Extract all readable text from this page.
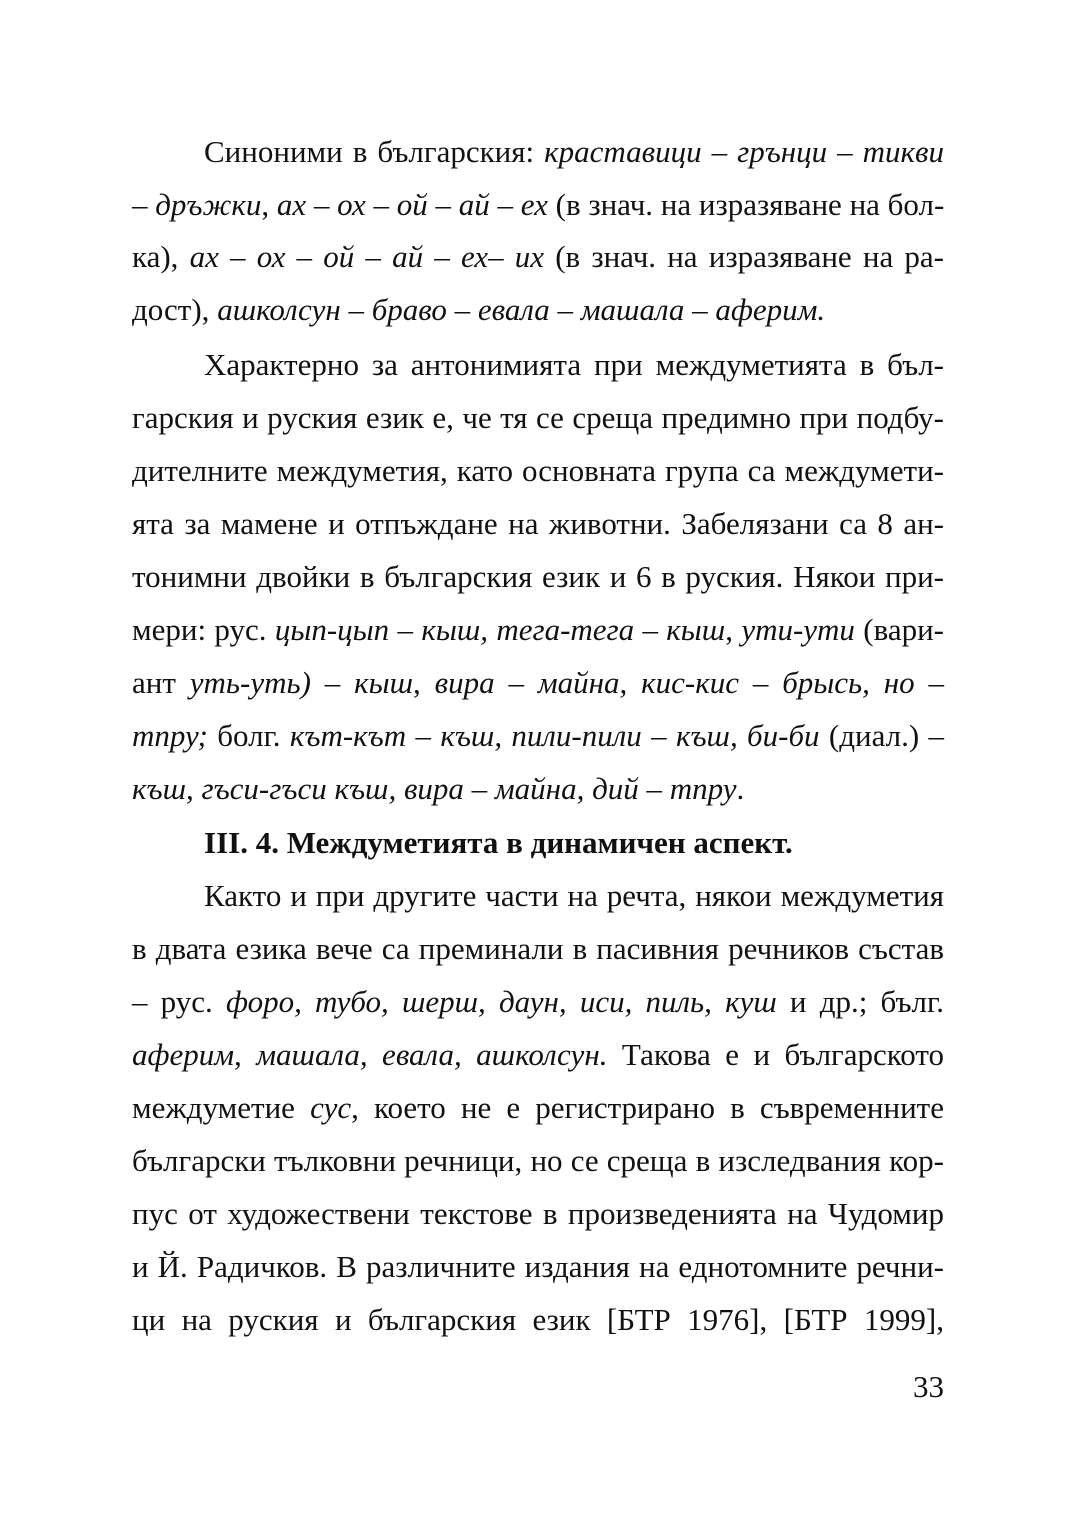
Синоними в българския: краставици – грънци – тикви
– дръжки, ах – ох – ой – ай – ех (в знач. на изразяване на бол-
ка), ах – ох – ой – ай – ех– их (в знач. на изразяване на ра-
дост), ашколсун – браво – евала – машала – аферим.
Характерно за антонимията при междуметията в бъл-
гарския и руския език е, че тя се среща предимно при подбу-
дителните междуметия, като основната група са междумети-
ята за мамене и отпъждане на животни. Забелязани са 8 ан-
тонимни двойки в българския език и 6 в руския. Някои при-
мери: рус. цып-цып – кыш, тега-тега – кыш, ути-ути (вари-
ант уть-уть) – кыш, вира – майна, кис-кис – брысь, но –
тпру; болг. кът-кът – къш, пили-пили – къш, би-би (диал.) –
къш, гъси-гъси къш, вира – майна, дий – тпру.
III. 4. Междуметията в динамичен аспект.
Както и при другите части на речта, някои междуметия
в двата езика вече са преминали в пасивния речников състав
– рус. форо, тубо, шерш, даун, иси, пиль, куш и др.; бълг.
аферим, машала, евала, ашколсун. Такова е и българското
междуметие сус, което не е регистрирано в съвременните
български тълковни речници, но се среща в изследвания кор-
пус от художествени текстове в произведенията на Чудомир
и Й. Радичков. В различните издания на еднотомните речни-
ци на руския и българския език [БТР 1976], [БТР 1999],
33
